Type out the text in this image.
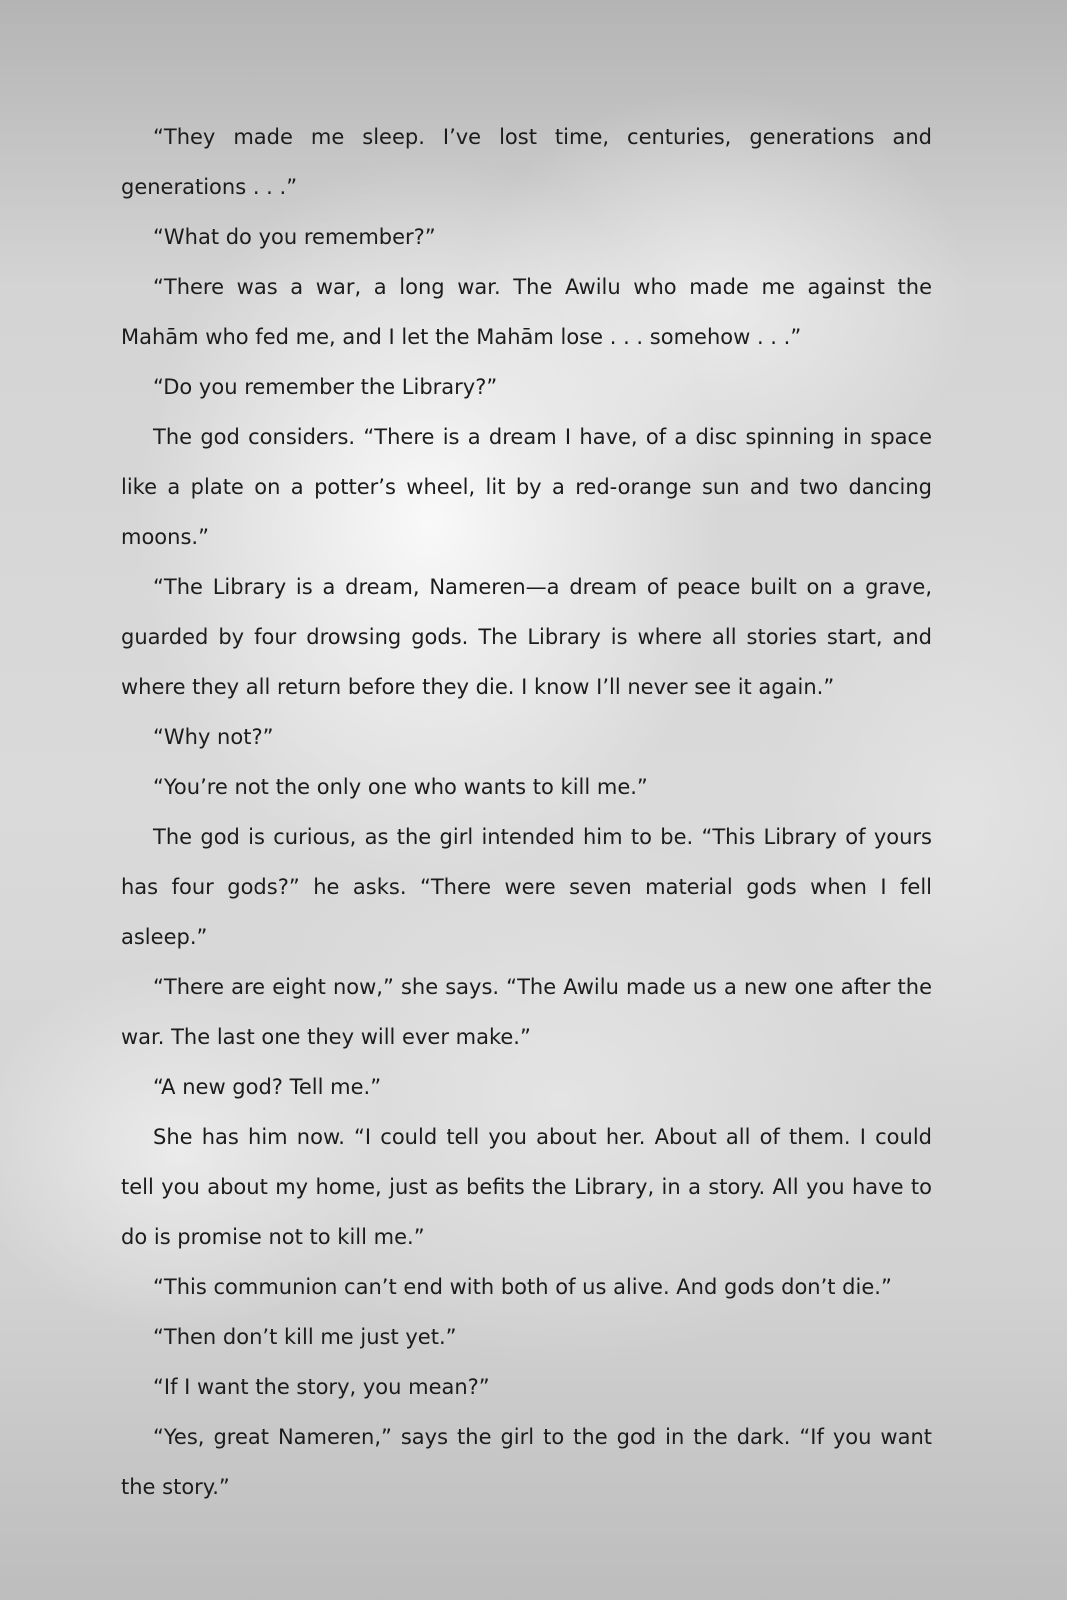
“They made me sleep. I’ve lost time, centuries, generations and generations . . .”

“What do you remember?”

“There was a war, a long war. The Awilu who made me against the Mahām who fed me, and I let the Mahām lose . . . somehow . . .”

“Do you remember the Library?”

The god considers. “There is a dream I have, of a disc spinning in space like a plate on a potter’s wheel, lit by a red-orange sun and two dancing moons.”

“The Library is a dream, Nameren—a dream of peace built on a grave, guarded by four drowsing gods. The Library is where all stories start, and where they all return before they die. I know I’ll never see it again.”

“Why not?”

“You’re not the only one who wants to kill me.”

The god is curious, as the girl intended him to be. “This Library of yours has four gods?” he asks. “There were seven material gods when I fell asleep.”

“There are eight now,” she says. “The Awilu made us a new one after the war. The last one they will ever make.”

“A new god? Tell me.”

She has him now. “I could tell you about her. About all of them. I could tell you about my home, just as befits the Library, in a story. All you have to do is promise not to kill me.”

“This communion can’t end with both of us alive. And gods don’t die.”

“Then don’t kill me just yet.”

“If I want the story, you mean?”

“Yes, great Nameren,” says the girl to the god in the dark. “If you want the story.”
